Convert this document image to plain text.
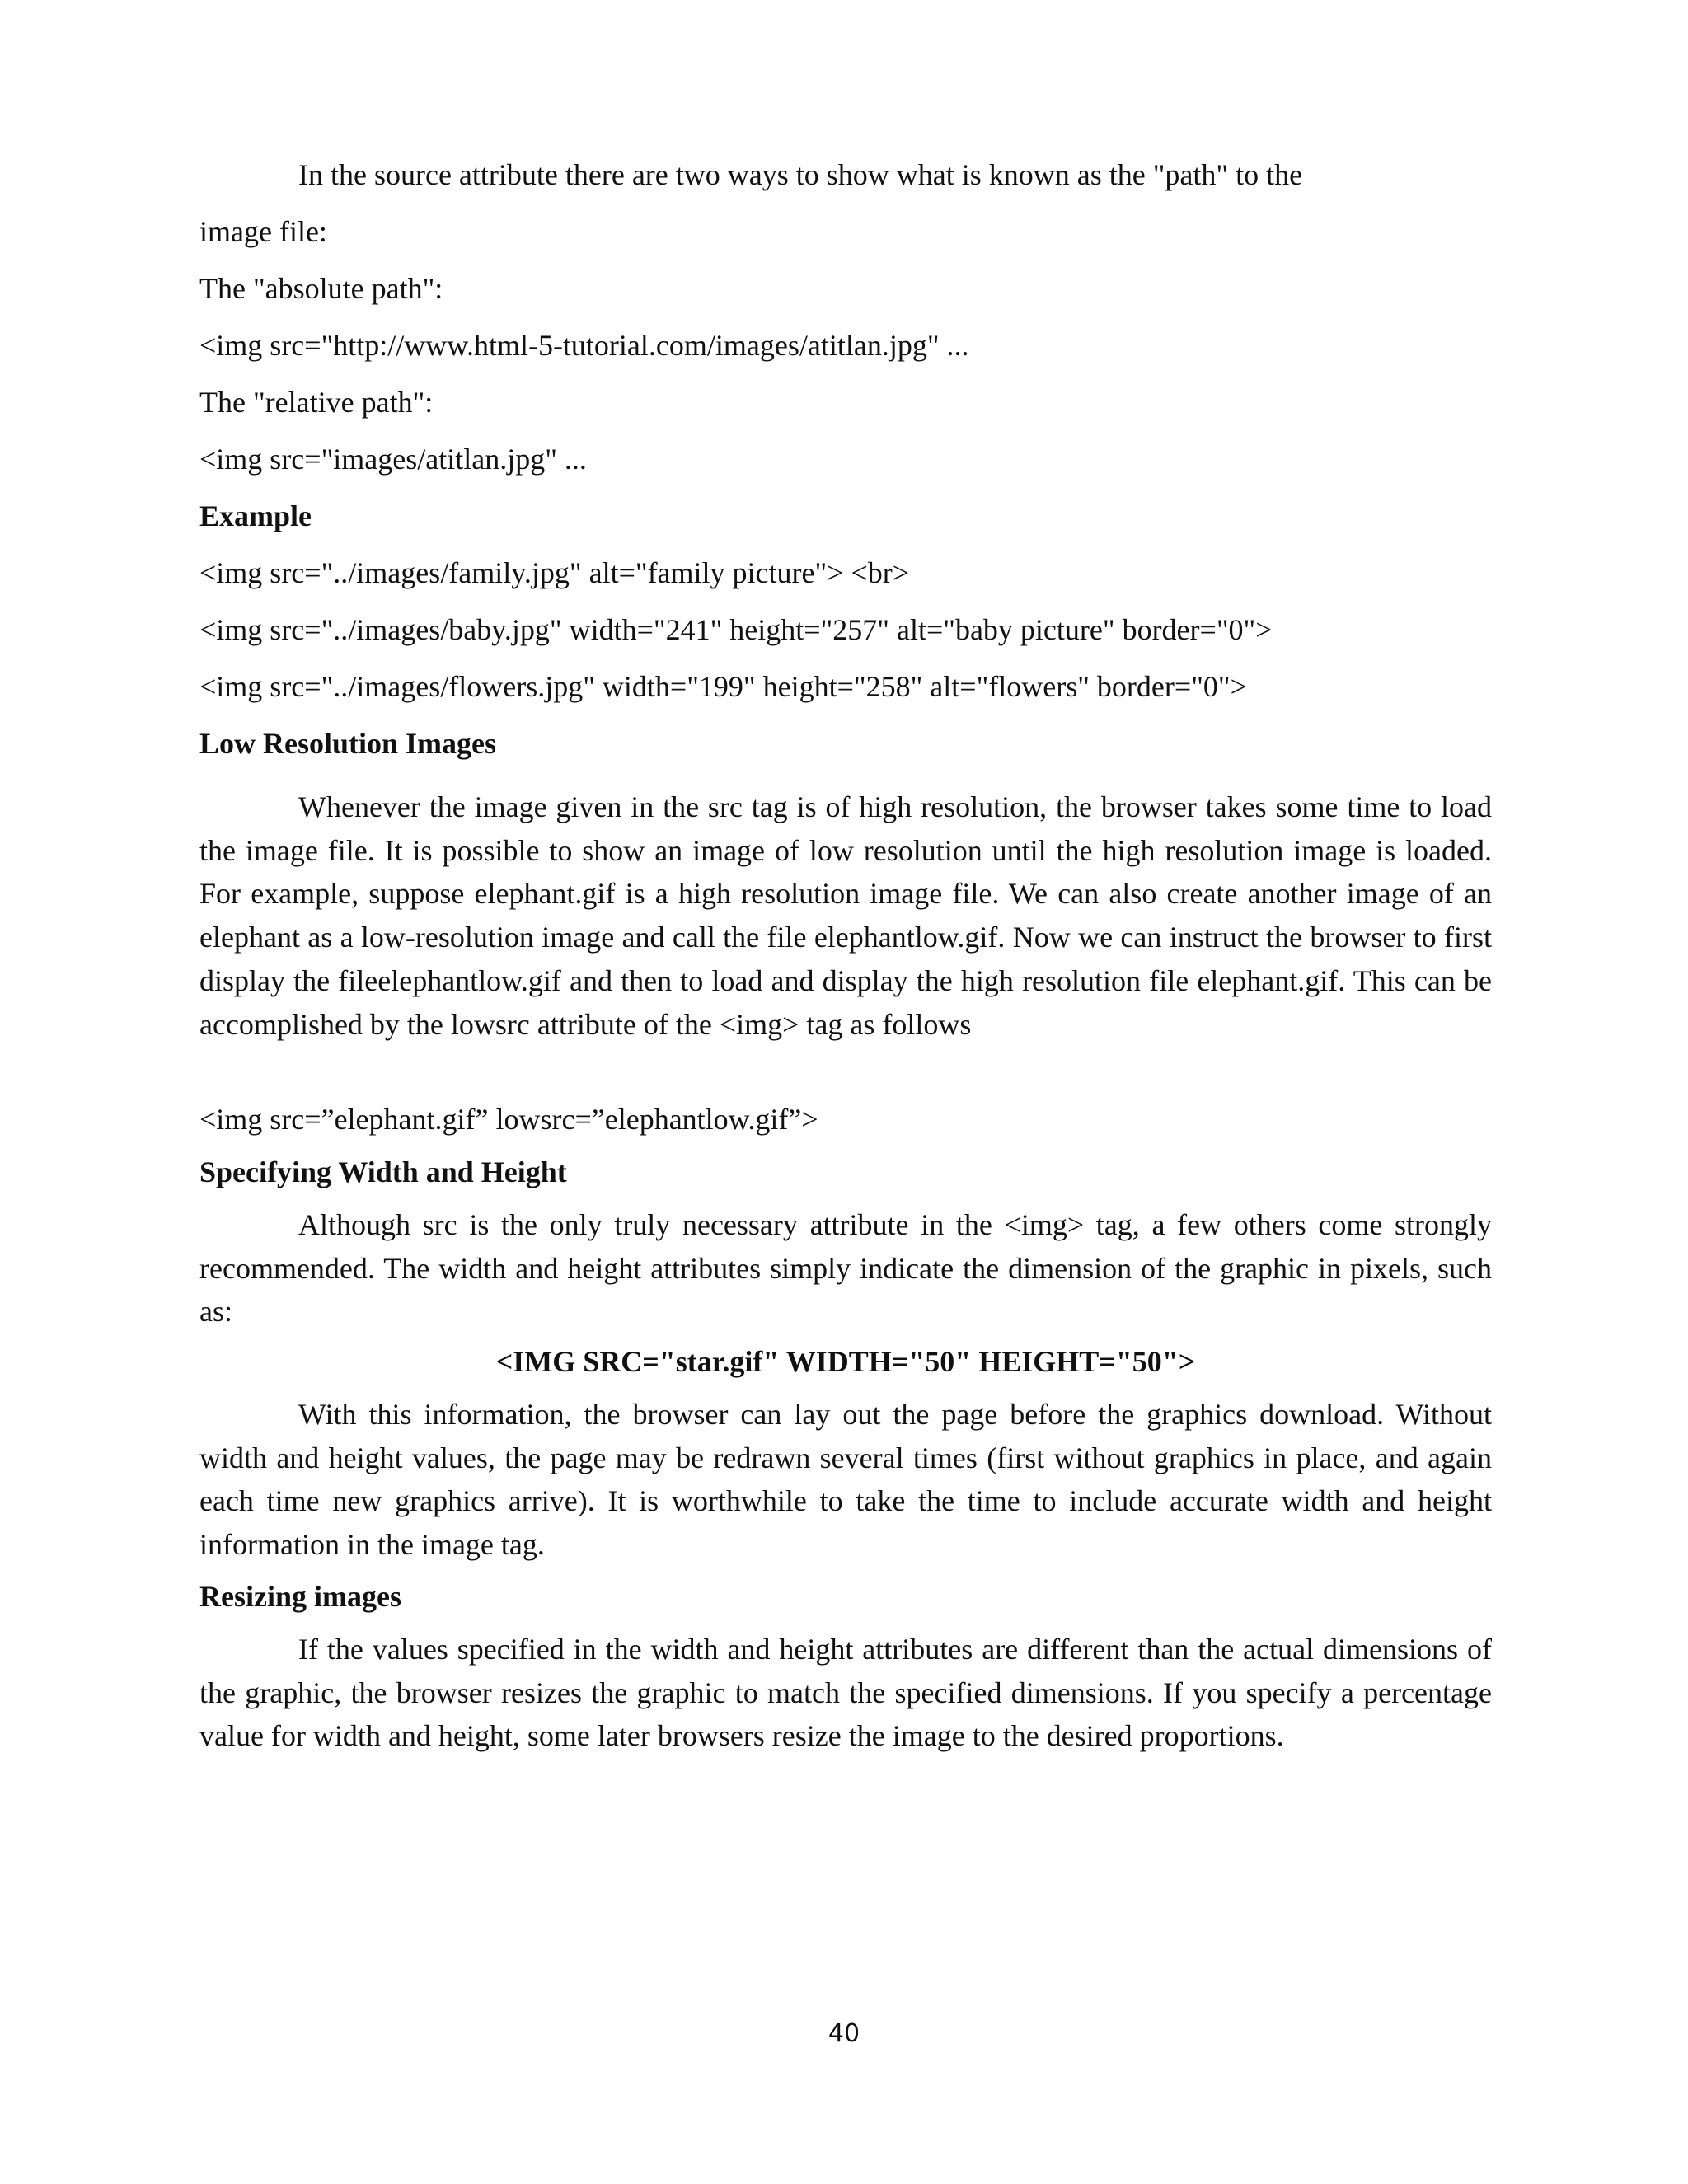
In the source attribute there are two ways to show what is known as the "path" to the

image file:

The "absolute path":

<img src="http://www.html-5-tutorial.com/images/atitlan.jpg" ...

The "relative path":

<img src="images/atitlan.jpg" ...

Example

<img src="../images/family.jpg" alt="family picture"> <br>

<img src="../images/baby.jpg" width="241" height="257" alt="baby picture" border="0">

<img src="../images/flowers.jpg" width="199" height="258" alt="flowers" border="0">

Low Resolution Images

Whenever the image given in the src tag is of high resolution, the browser takes some time to load the image file. It is possible to show an image of low resolution until the high resolution image is loaded. For example, suppose elephant.gif is a high resolution image file. We can also create another image of an elephant as a low-resolution image and call the file elephantlow.gif. Now we can instruct the browser to first display the fileelephantlow.gif and then to load and display the high resolution file elephant.gif. This can be accomplished by the lowsrc attribute of the <img> tag as follows

<img src=”elephant.gif” lowsrc=”elephantlow.gif”>

Specifying Width and Height

Although src is the only truly necessary attribute in the <img> tag, a few others come strongly recommended. The width and height attributes simply indicate the dimension of the graphic in pixels, such as:

<IMG SRC="star.gif" WIDTH="50" HEIGHT="50">

With this information, the browser can lay out the page before the graphics download. Without width and height values, the page may be redrawn several times (first without graphics in place, and again each time new graphics arrive). It is worthwhile to take the time to include accurate width and height information in the image tag.

Resizing images

If the values specified in the width and height attributes are different than the actual dimensions of the graphic, the browser resizes the graphic to match the specified dimensions. If you specify a percentage value for width and height, some later browsers resize the image to the desired proportions.

40
